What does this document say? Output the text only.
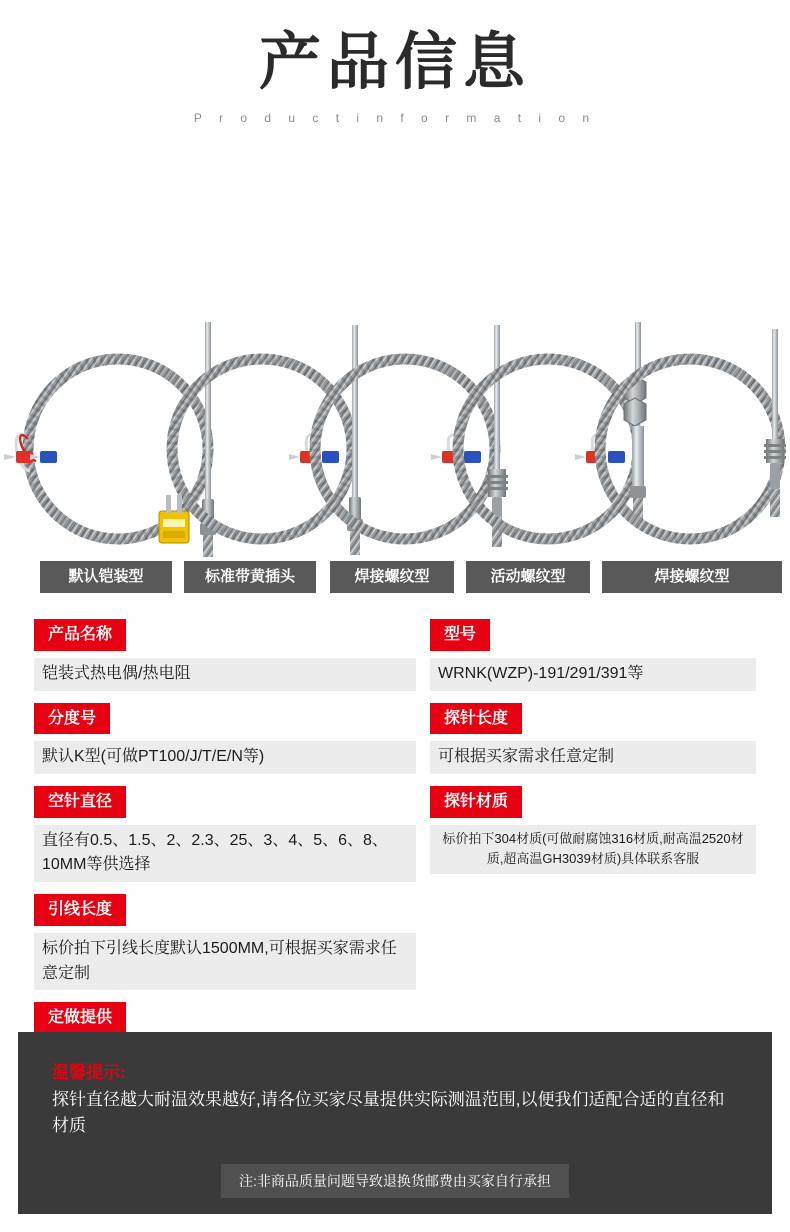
产品信息
P r o d u c t i n f o r m a t i o n
默认铠装型	标准带黄插头	焊接螺纹型	活动螺纹型	焊接螺纹型
产品名称
铠装式热电偶/热电阻
分度号
默认K型(可做PT100/J/T/E/N等)
空针直径
直径有0.5、1.5、2、2.3、25、3、4、5、6、8、10MM等供选择
引线长度
标价拍下引线长度默认1500MM,可根据买家需求任意定制
定做提供
型号
WRNK(WZP)-191/291/391等
探针长度
可根据买家需求任意定制
探针材质
标价拍下304材质(可做耐腐蚀316材质,耐高温2520材质,超高温GH3039材质)具体联系客服
温馨提示:
探针直径越大耐温效果越好,请各位买家尽量提供实际测温范围,以便我们适配合适的直径和材质
注:非商品质量问题导致退换货邮费由买家自行承担
